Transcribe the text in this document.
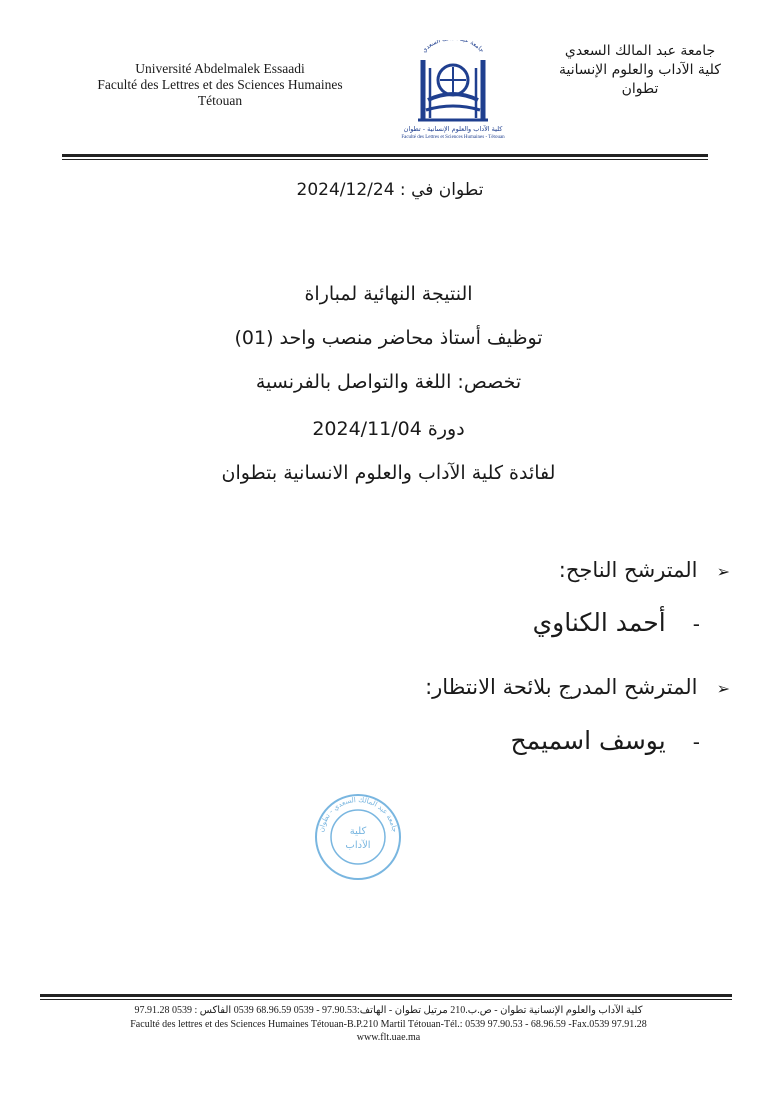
Université Abdelmalek Essaadi
Faculté des Lettres et des Sciences Humaines
Tétouan
جامعة عبد المالك السعدي
كلية الآداب والعلوم الإنسانية
تطوان
جامعة عب السعدي
كلية الآداب والعلوم الإنسانية - تطوان
Faculté des Lettres et Sciences Humaines - Tétouan
تطوان في : 2024/12/24
النتيجة النهائية لمباراة
توظيف أستاذ محاضر منصب واحد (01)
تخصص: اللغة والتواصل بالفرنسية
دورة 2024/11/04
لفائدة كلية الآداب والعلوم الانسانية بتطوان
➢ المترشح الناجح:
- أحمد الكناوي
➢ المترشح المدرج بلائحة الانتظار:
- يوسف اسميمح
جامعة عبد المالك السعدي - تطوان
كلية
الآداب
كلية الآداب والعلوم الإنسانية تطوان - ص.ب.210 مرتيل تطوان - الهاتف:97.90.53 - 0539 68.96.59 0539 الفاكس : 0539 97.91.28
Faculté des lettres et des Sciences Humaines Tétouan-B.P.210 Martil Tétouan-Tél.: 0539 97.90.53 - 68.96.59 -Fax.0539 97.91.28
www.flt.uae.ma
